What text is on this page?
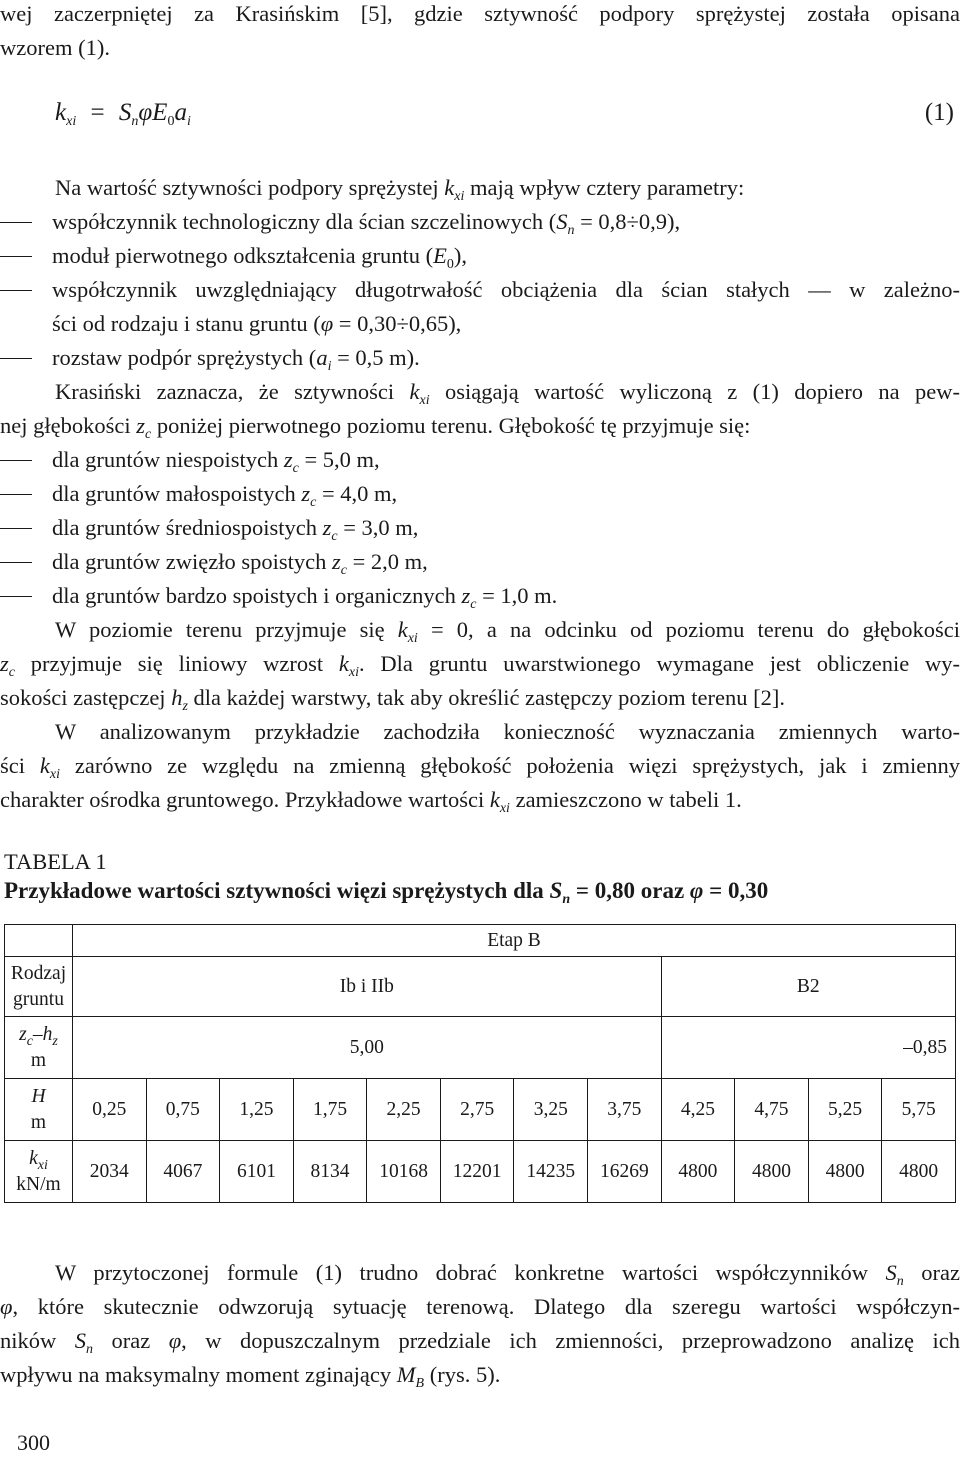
wej zaczerpniętej za Krasińskim [5], gdzie sztywność podpory sprężystej została opisana
wzorem (1).
$k_{xi} = S_n\varphi E_0a_i$	(1)
Na wartość sztywności podpory sprężystej $k_{xi}$ mają wpływ cztery parametry:
współczynnik technologiczny dla ścian szczelinowych $(S_n = 0,8\div 0,9)$,
moduł pierwotnego odkształcenia gruntu $(E_0)$,
współczynnik uwzględniający długotrwałość obciążenia dla ścian stałych — w zależno-
ści od rodzaju i stanu gruntu (φ = 0,30÷0,65),
rozstaw podpór sprężystych ($a_i = 0,5$ m).
Krasiński zaznacza, że sztywności $k_{xi}$ osiągają wartość wyliczoną z (1) dopiero na pew-
nej głębokości $z_c$ poniżej pierwotnego poziomu terenu. Głębokość tę przyjmuje się:
dla gruntów niespoistych $z_c = 5,0$ m,
dla gruntów małospoistych $z_c = 4,0$ m,
dla gruntów średniospoistych $z_c = 3,0$ m,
dla gruntów zwięzło spoistych $z_c = 2,0$ m,
dla gruntów bardzo spoistych i organicznych $z_c = 1,0$ m.
W poziomie terenu przyjmuje się $k_{xi} = 0$, a na odcinku od poziomu terenu do głębokości
$z_c$ przyjmuje się liniowy wzrost $k_{xi}$. Dla gruntu uwarstwionego wymagane jest obliczenie wy-
sokości zastępczej $h_z$ dla każdej warstwy, tak aby określić zastępczy poziom terenu [2].
W analizowanym przykładzie zachodziła konieczność wyznaczania zmiennych warto-
ści $k_{xi}$ zarówno ze względu na zmienną głębokość położenia więzi sprężystych, jak i zmienny
charakter ośrodka gruntowego. Przykładowe wartości $k_{xi}$ zamieszczono w tabeli 1.
TABELA 1
Przykładowe wartości sztywności więzi sprężystych dla $S_n = 0,80$ oraz φ = 0,30
	Etap B											
Rodzaj
gruntu	Ib i IIb								B2			
$z_c-h_z$
m	5,00								–0,85			
H
m	0,25	0,75	1,25	1,75	2,25	2,75	3,25	3,75	4,25	4,75	5,25	5,75
$k_{xi}$
kN/m	2034	4067	6101	8134	10168	12201	14235	16269	4800	4800	4800	4800
W przytoczonej formule (1) trudno dobrać konkretne wartości współczynników $S_n$ oraz
φ, które skutecznie odwzorują sytuację terenową. Dlatego dla szeregu wartości współczyn-
ników $S_n$ oraz φ, w dopuszczalnym przedziale ich zmienności, przeprowadzono analizę ich
wpływu na maksymalny moment zginający $M_B$ (rys. 5).
300
